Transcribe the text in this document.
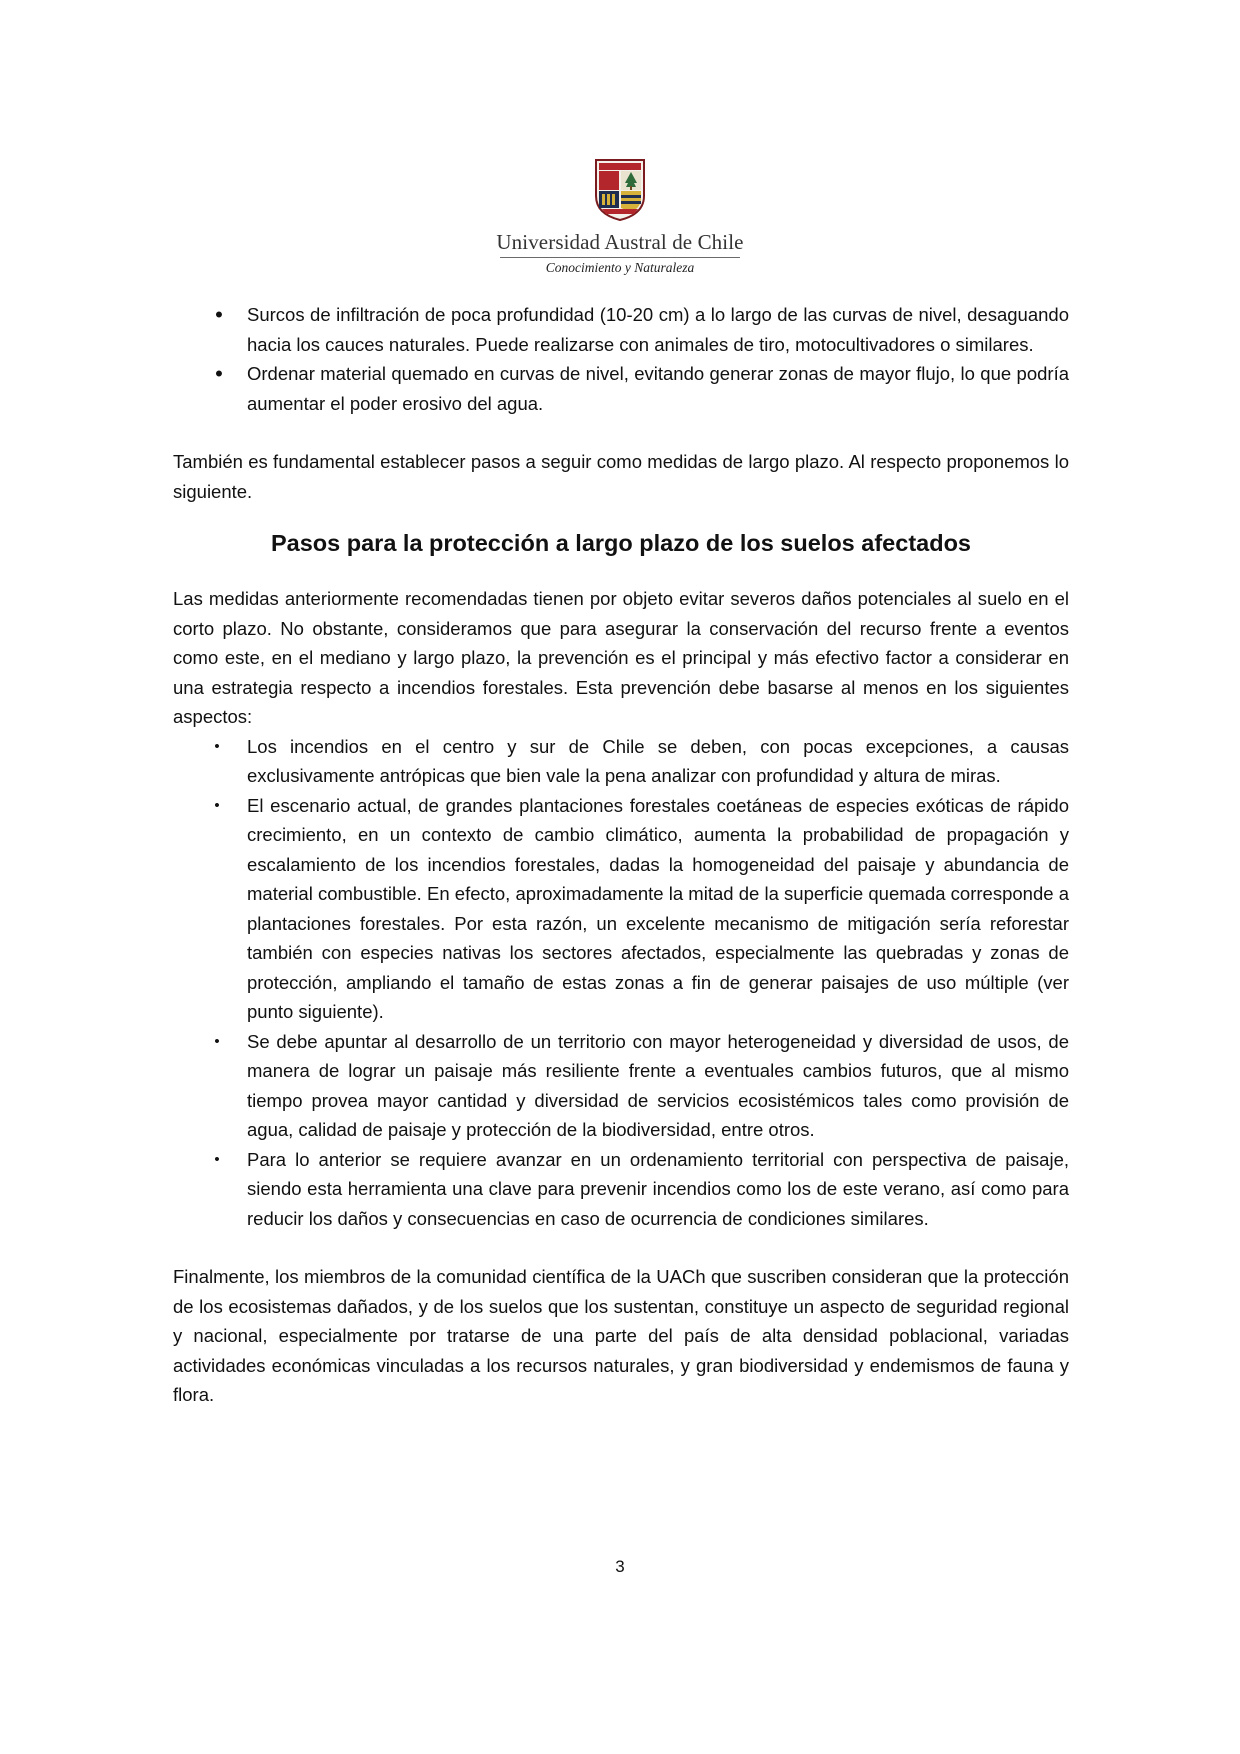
Universidad Austral de Chile
Conocimiento y Naturaleza
•	Surcos de infiltración de poca profundidad (10-20 cm) a lo largo de las curvas de nivel, desaguando hacia los cauces naturales. Puede realizarse con animales de tiro, motocultivadores o similares.
•	Ordenar material quemado en curvas de nivel, evitando generar zonas de mayor flujo, lo que podría aumentar el poder erosivo del agua.

También es fundamental establecer pasos a seguir como medidas de largo plazo. Al respecto proponemos lo siguiente.

Pasos para la protección a largo plazo de los suelos afectados

Las medidas anteriormente recomendadas tienen por objeto evitar severos daños potenciales al suelo en el corto plazo. No obstante, consideramos que para asegurar la conservación del recurso frente a eventos como este, en el mediano y largo plazo, la prevención es el principal y más efectivo factor a considerar en una estrategia respecto a incendios forestales. Esta prevención debe basarse al menos en los siguientes aspectos:

•	Los incendios en el centro y sur de Chile se deben, con pocas excepciones, a causas exclusivamente antrópicas que bien vale la pena analizar con profundidad y altura de miras.
•	El escenario actual, de grandes plantaciones forestales coetáneas de especies exóticas de rápido crecimiento, en un contexto de cambio climático, aumenta la probabilidad de propagación y escalamiento de los incendios forestales, dadas la homogeneidad del paisaje y abundancia de material combustible. En efecto, aproximadamente la mitad de la superficie quemada corresponde a plantaciones forestales. Por esta razón, un excelente mecanismo de mitigación sería reforestar también con especies nativas los sectores afectados, especialmente las quebradas y zonas de protección, ampliando el tamaño de estas zonas a fin de generar paisajes de uso múltiple (ver punto siguiente).
•	Se debe apuntar al desarrollo de un territorio con mayor heterogeneidad y diversidad de usos, de manera de lograr un paisaje más resiliente frente a eventuales cambios futuros, que al mismo tiempo provea mayor cantidad y diversidad de servicios ecosistémicos tales como provisión de agua, calidad de paisaje y protección de la biodiversidad, entre otros.
•	Para lo anterior se requiere avanzar en un ordenamiento territorial con perspectiva de paisaje, siendo esta herramienta una clave para prevenir incendios como los de este verano, así como para reducir los daños y consecuencias en caso de ocurrencia de condiciones similares.

Finalmente, los miembros de la comunidad científica de la UACh que suscriben consideran que la protección de los ecosistemas dañados, y de los suelos que los sustentan, constituye un aspecto de seguridad regional y nacional, especialmente por tratarse de una parte del país de alta densidad poblacional, variadas actividades económicas vinculadas a los recursos naturales, y gran biodiversidad y endemismos de fauna y flora.

3
